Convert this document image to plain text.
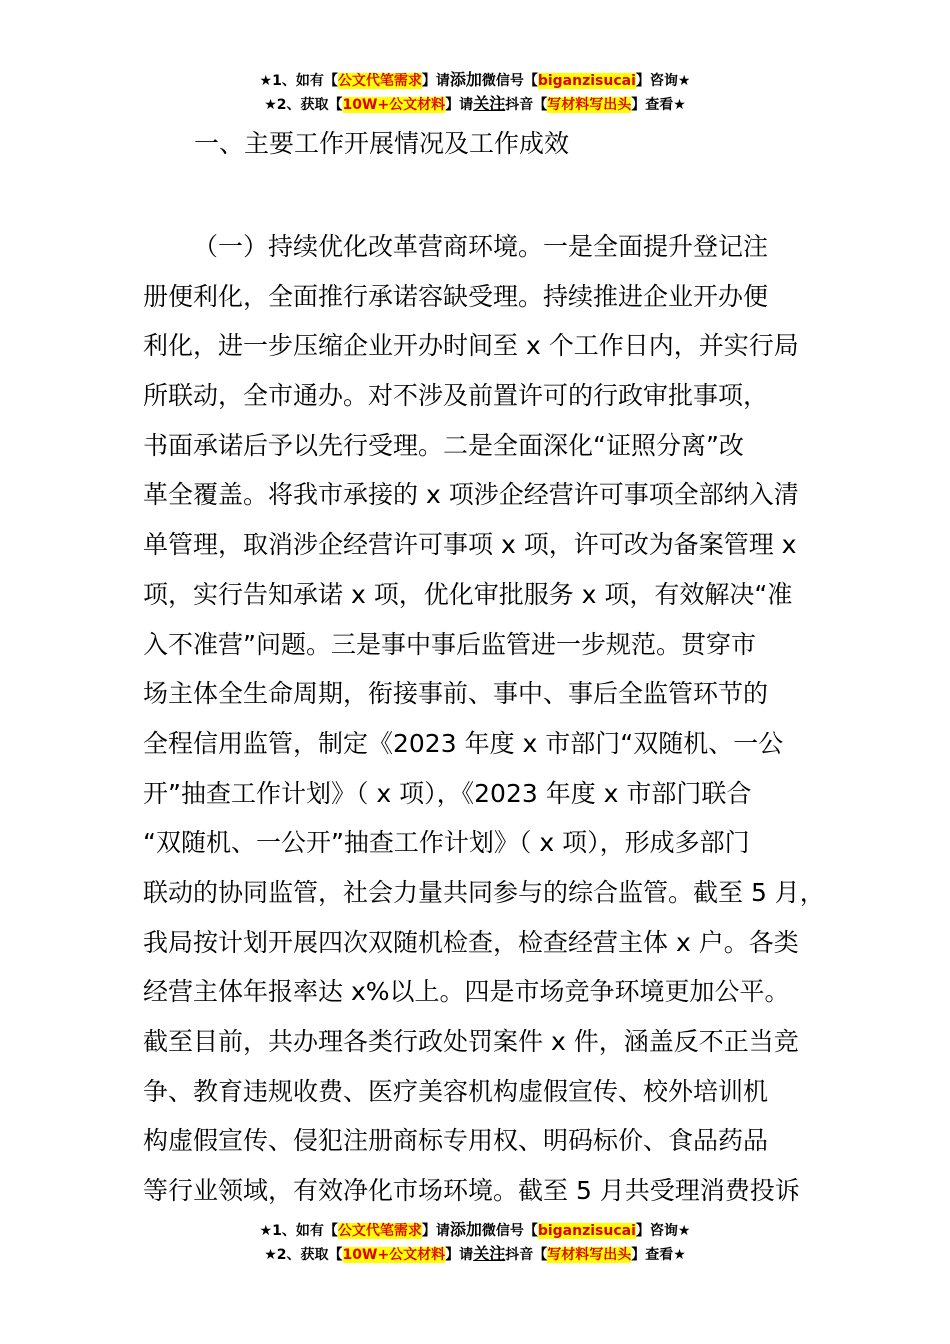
★1、如有【公文代笔需求】请添加微信号【biganzisucai】咨询★
★2、获取【10W+公文材料】请关注抖音【写材料写出头】查看★
一、主要工作开展情况及工作成效
（一）持续优化改革营商环境。一是全面提升登记注
册便利化，全面推行承诺容缺受理。持续推进企业开办便
利化，进一步压缩企业开办时间至 x 个工作日内，并实行局
所联动，全市通办。对不涉及前置许可的行政审批事项，
书面承诺后予以先行受理。二是全面深化“证照分离”改
革全覆盖。将我市承接的 x 项涉企经营许可事项全部纳入清
单管理，取消涉企经营许可事项 x 项，许可改为备案管理 x
项，实行告知承诺 x 项，优化审批服务 x 项，有效解决“准
入不准营”问题。三是事中事后监管进一步规范。贯穿市
场主体全生命周期，衔接事前、事中、事后全监管环节的
全程信用监管，制定《2023 年度 x 市部门“双随机、一公
开”抽查工作计划》（ x 项），《2023 年度 x 市部门联合
“双随机、一公开”抽查工作计划》（ x 项），形成多部门
联动的协同监管，社会力量共同参与的综合监管。截至 5 月，
我局按计划开展四次双随机检查，检查经营主体 x 户。各类
经营主体年报率达 x%以上。四是市场竞争环境更加公平。
截至目前，共办理各类行政处罚案件 x 件，涵盖反不正当竞
争、教育违规收费、医疗美容机构虚假宣传、校外培训机
构虚假宣传、侵犯注册商标专用权、明码标价、食品药品
等行业领域，有效净化市场环境。截至 5 月共受理消费投诉
★1、如有【公文代笔需求】请添加微信号【biganzisucai】咨询★
★2、获取【10W+公文材料】请关注抖音【写材料写出头】查看★
